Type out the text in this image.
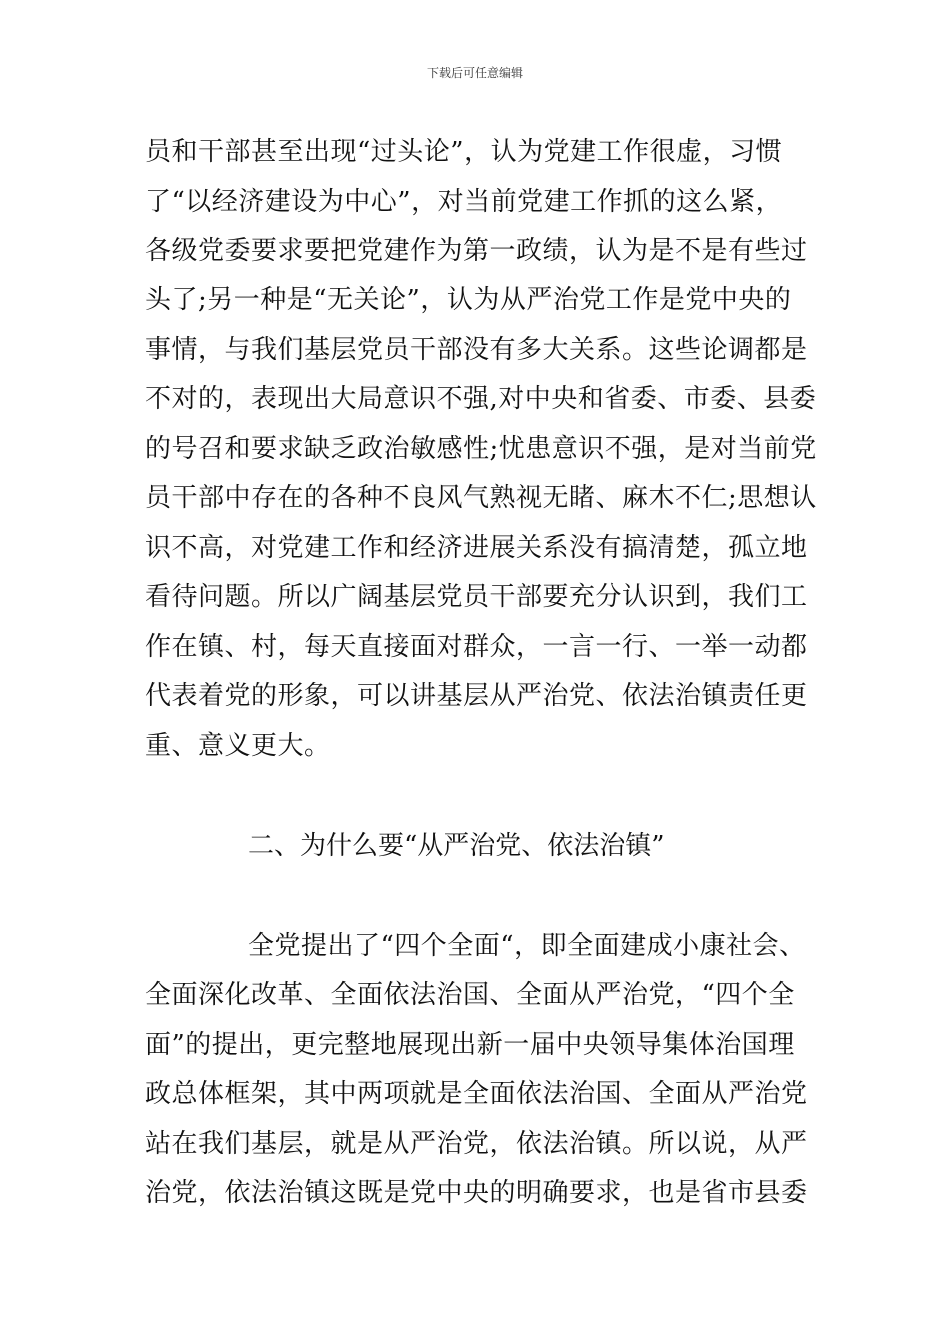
下载后可任意编辑
员和干部甚至出现“过头论”，认为党建工作很虚，习惯
了“以经济建设为中心”，对当前党建工作抓的这么紧，
各级党委要求要把党建作为第一政绩，认为是不是有些过
头了;另一种是“无关论”，认为从严治党工作是党中央的
事情，与我们基层党员干部没有多大关系。这些论调都是
不对的，表现出大局意识不强,对中央和省委、市委、县委
的号召和要求缺乏政治敏感性;忧患意识不强，是对当前党
员干部中存在的各种不良风气熟视无睹、麻木不仁;思想认
识不高，对党建工作和经济进展关系没有搞清楚，孤立地
看待问题。所以广阔基层党员干部要充分认识到，我们工
作在镇、村，每天直接面对群众，一言一行、一举一动都
代表着党的形象，可以讲基层从严治党、依法治镇责任更
重、意义更大。
二、为什么要“从严治党、依法治镇”
全党提出了“四个全面“，即全面建成小康社会、
全面深化改革、全面依法治国、全面从严治党，“四个全
面”的提出，更完整地展现出新一届中央领导集体治国理
政总体框架，其中两项就是全面依法治国、全面从严治党
站在我们基层，就是从严治党，依法治镇。所以说，从严
治党，依法治镇这既是党中央的明确要求，也是省市县委
